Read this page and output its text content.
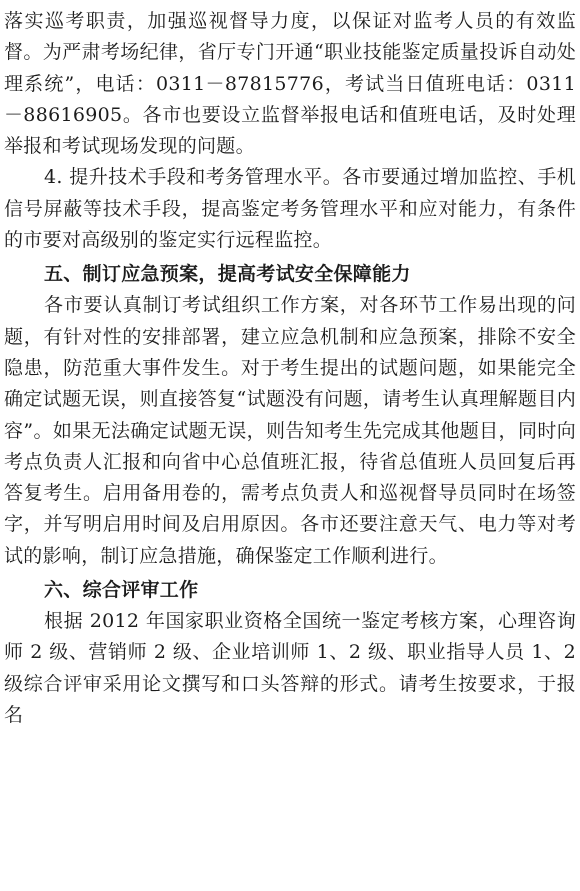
落实巡考职责，加强巡视督导力度，以保证对监考人员的有效监督。为严肃考场纪律，省厅专门开通“职业技能鉴定质量投诉自动处理系统”，电话：0311－87815776，考试当日值班电话：0311－88616905。各市也要设立监督举报电话和值班电话，及时处理举报和考试现场发现的问题。

4. 提升技术手段和考务管理水平。各市要通过增加监控、手机信号屏蔽等技术手段，提高鉴定考务管理水平和应对能力，有条件的市要对高级别的鉴定实行远程监控。

五、制订应急预案，提高考试安全保障能力

各市要认真制订考试组织工作方案，对各环节工作易出现的问题，有针对性的安排部署，建立应急机制和应急预案，排除不安全隐患，防范重大事件发生。对于考生提出的试题问题，如果能完全确定试题无误，则直接答复“试题没有问题，请考生认真理解题目内容”。如果无法确定试题无误，则告知考生先完成其他题目，同时向考点负责人汇报和向省中心总值班汇报，待省总值班人员回复后再答复考生。启用备用卷的，需考点负责人和巡视督导员同时在场签字，并写明启用时间及启用原因。各市还要注意天气、电力等对考试的影响，制订应急措施，确保鉴定工作顺利进行。

六、综合评审工作

根据 2012 年国家职业资格全国统一鉴定考核方案，心理咨询师 2 级、营销师 2 级、企业培训师 1、2 级、职业指导人员 1、2 级综合评审采用论文撰写和口头答辩的形式。请考生按要求，于报名
